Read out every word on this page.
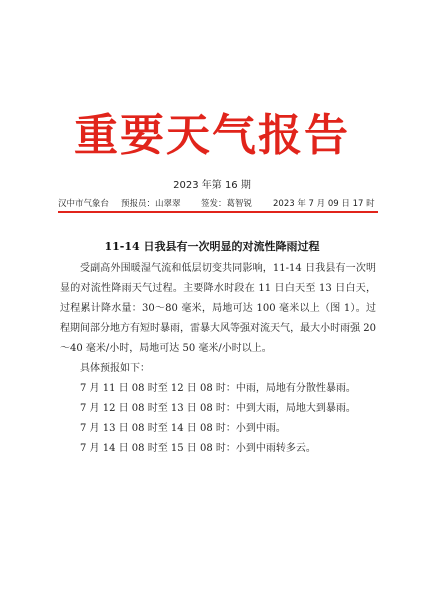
重要天气报告
2023 年第 16 期
汉中市气象台 预报员：山翠翠 签发：葛智锐 2023 年 7 月 09 日 17 时
11-14 日我县有一次明显的对流性降雨过程

受副高外围暖湿气流和低层切变共同影响，11-14 日我县有一次明显的对流性降雨天气过程。主要降水时段在 11 日白天至 13 日白天，过程累计降水量：30～80 毫米，局地可达 100 毫米以上（图 1）。过程期间部分地方有短时暴雨，雷暴大风等强对流天气，最大小时雨强 20～40 毫米/小时，局地可达 50 毫米/小时以上。

具体预报如下：

7 月 11 日 08 时至 12 日 08 时：中雨，局地有分散性暴雨。

7 月 12 日 08 时至 13 日 08 时：中到大雨，局地大到暴雨。

7 月 13 日 08 时至 14 日 08 时：小到中雨。

7 月 14 日 08 时至 15 日 08 时：小到中雨转多云。
